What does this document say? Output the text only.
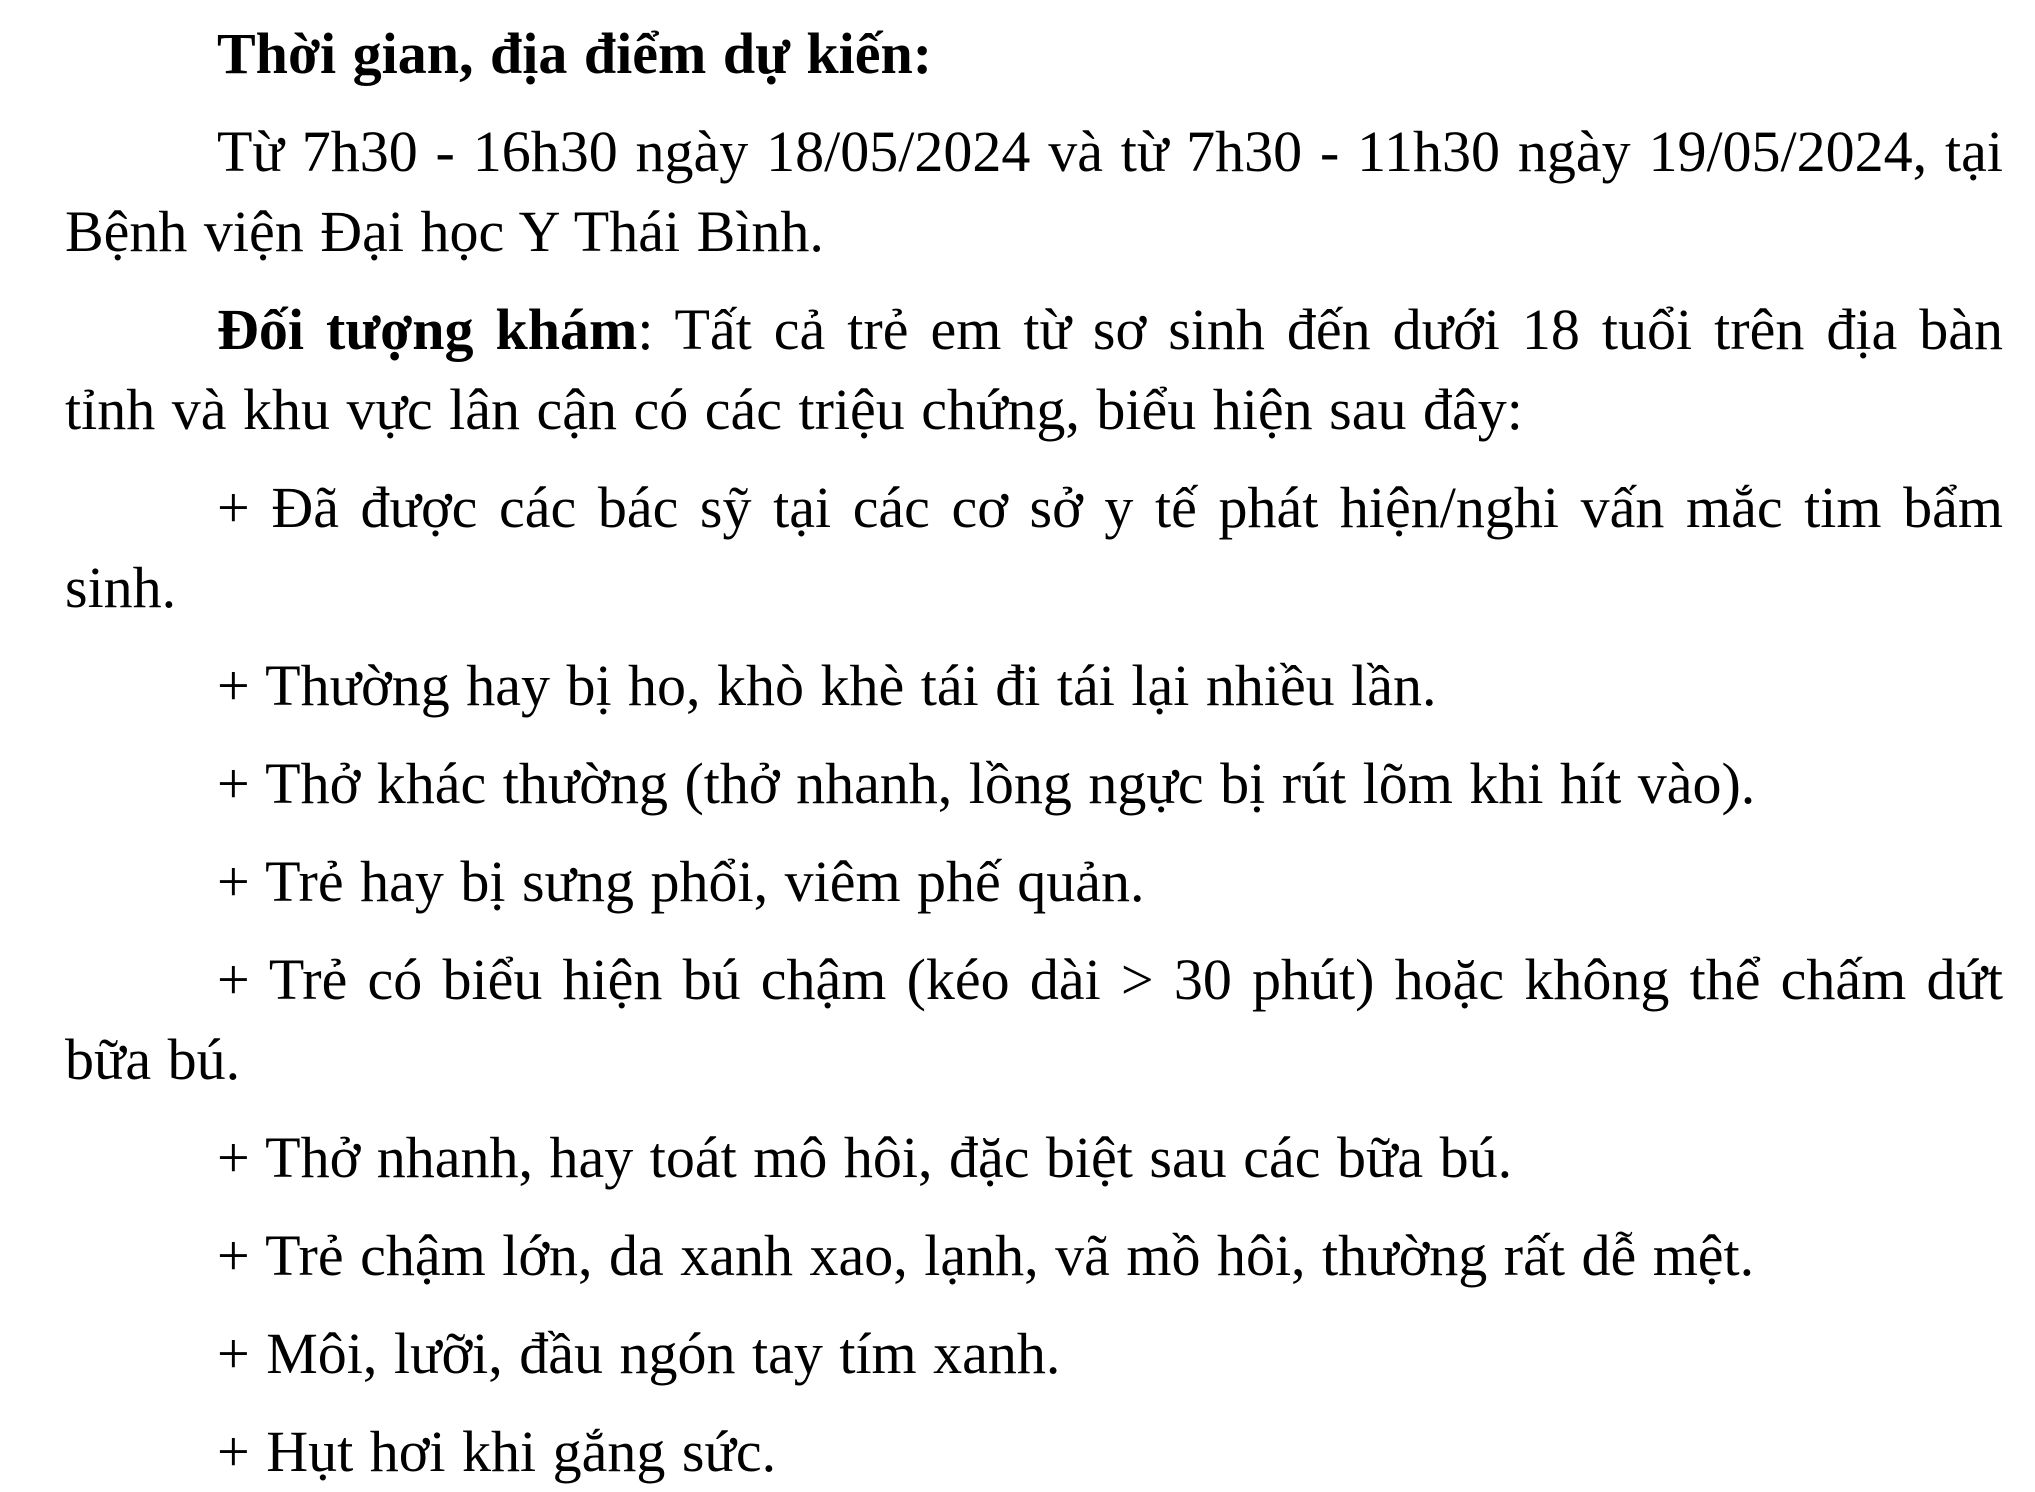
Thời gian, địa điểm dự kiến:

Từ 7h30 - 16h30 ngày 18/05/2024 và từ 7h30 - 11h30 ngày 19/05/2024, tại Bệnh viện Đại học Y Thái Bình.

Đối tượng khám: Tất cả trẻ em từ sơ sinh đến dưới 18 tuổi trên địa bàn tỉnh và khu vực lân cận có các triệu chứng, biểu hiện sau đây:

+ Đã được các bác sỹ tại các cơ sở y tế phát hiện/nghi vấn mắc tim bẩm sinh.

+ Thường hay bị ho, khò khè tái đi tái lại nhiều lần.

+ Thở khác thường (thở nhanh, lồng ngực bị rút lõm khi hít vào).

+ Trẻ hay bị sưng phổi, viêm phế quản.

+ Trẻ có biểu hiện bú chậm (kéo dài > 30 phút) hoặc không thể chấm dứt bữa bú.

+ Thở nhanh, hay toát mô hôi, đặc biệt sau các bữa bú.

+ Trẻ chậm lớn, da xanh xao, lạnh, vã mồ hôi, thường rất dễ mệt.

+ Môi, lưỡi, đầu ngón tay tím xanh.

+ Hụt hơi khi gắng sức.
